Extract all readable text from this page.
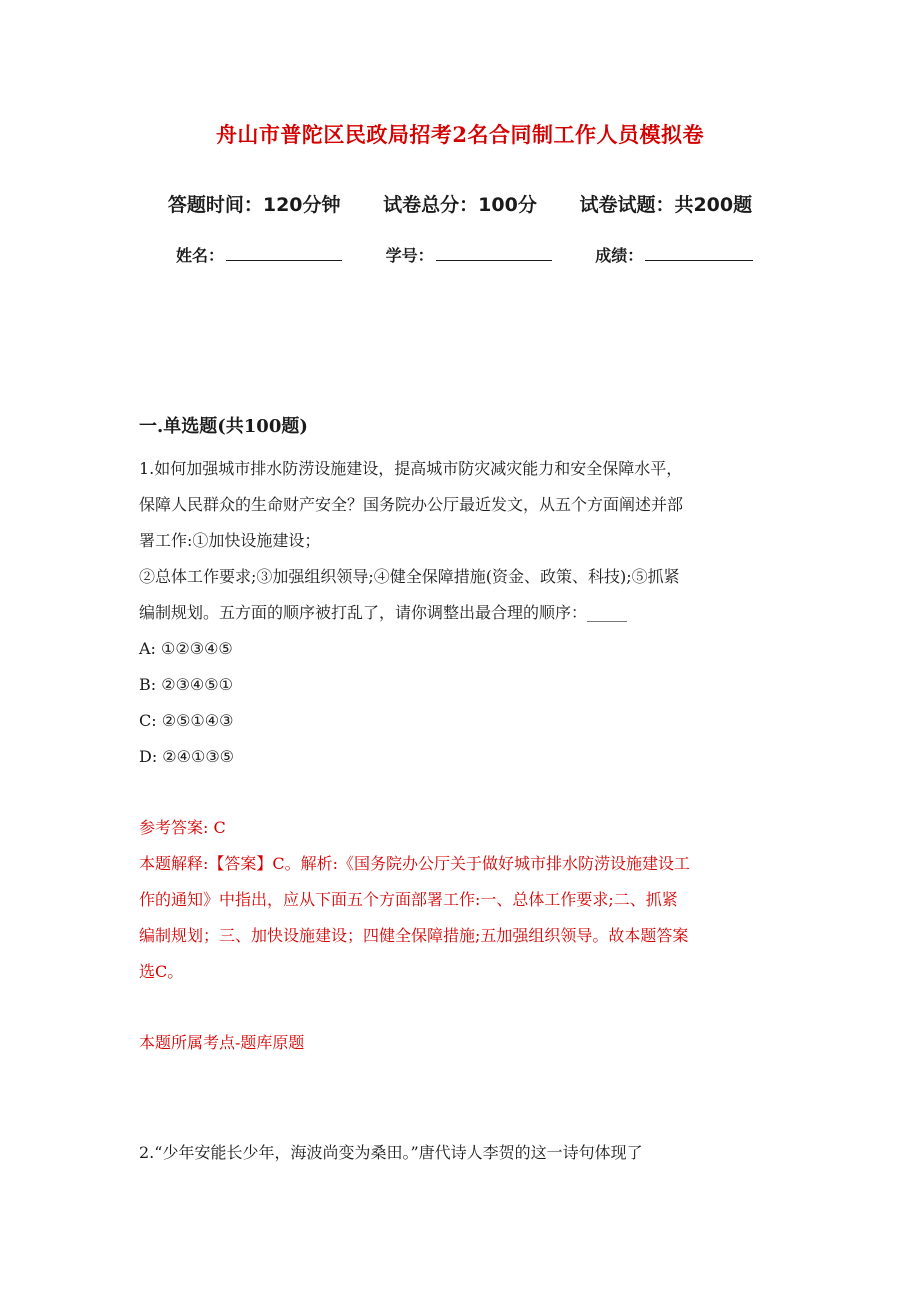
舟山市普陀区民政局招考2名合同制工作人员模拟卷
答题时间：120分钟 试卷总分：100分 试卷试题：共200题
姓名：	学号：	成绩：
一.单选题(共100题)
1.如何加强城市排水防涝设施建设，提高城市防灾减灾能力和安全保障水平，
保障人民群众的生命财产安全？国务院办公厅最近发文，从五个方面阐述并部
署工作:①加快设施建设；
②总体工作要求;③加强组织领导;④健全保障措施(资金、政策、科技);⑤抓紧
编制规划。五方面的顺序被打乱了，请你调整出最合理的顺序：_____
A: ①②③④⑤
B: ②③④⑤①
C: ②⑤①④③
D: ②④①③⑤
参考答案: C
本题解释:【答案】C。解析:《国务院办公厅关于做好城市排水防涝设施建设工
作的通知》中指出，应从下面五个方面部署工作:一、总体工作要求;二、抓紧
编制规划；三、加快设施建设；四健全保障措施;五加强组织领导。故本题答案
选C。
本题所属考点-题库原题
2.“少年安能长少年，海波尚变为桑田。”唐代诗人李贺的这一诗句体现了
